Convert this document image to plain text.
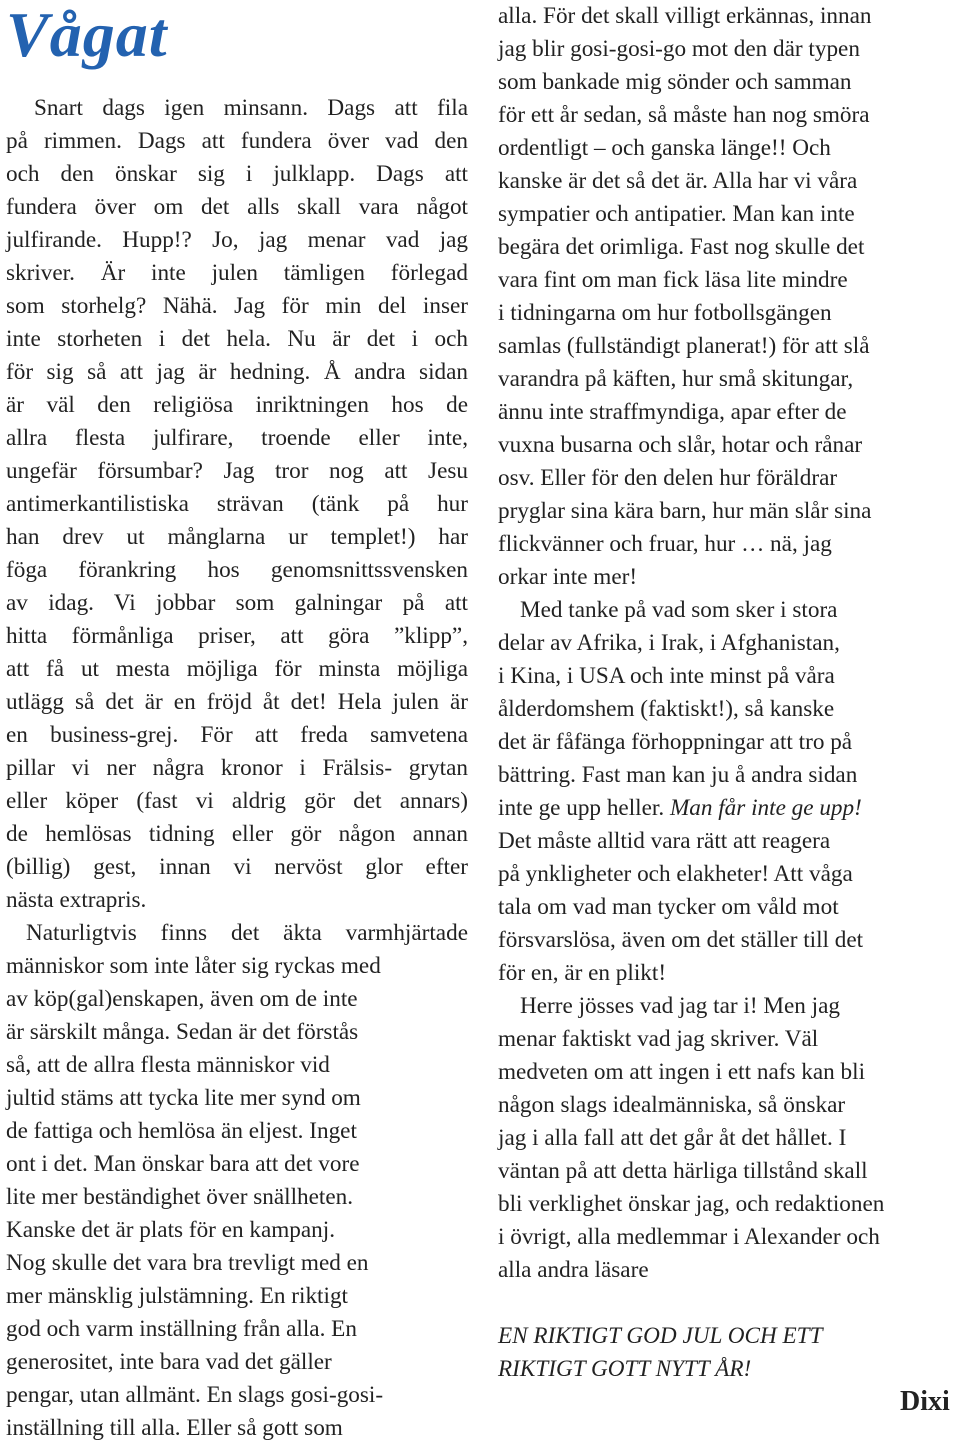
Vågat
Snart dags igen minsann. Dags att fila
på rimmen. Dags att fundera över vad den
och den önskar sig i julklapp. Dags att
fundera över om det alls skall vara något
julfirande. Hupp!? Jo, jag menar vad jag
skriver. Är inte julen tämligen förlegad
som storhelg? Nähä. Jag för min del inser
inte storheten i det hela. Nu är det i och
för sig så att jag är hedning. Å andra sidan
är väl den religiösa inriktningen hos de
allra flesta julfirare, troende eller inte,
ungefär försumbar? Jag tror nog att Jesu
antimerkantilistiska strävan (tänk på hur
han drev ut månglarna ur templet!) har
föga förankring hos genomsnittssvensken
av idag. Vi jobbar som galningar på att
hitta förmånliga priser, att göra ”klipp”,
att få ut mesta möjliga för minsta möjliga
utlägg så det är en fröjd åt det! Hela julen är
en business-grej. För att freda samvetena
pillar vi ner några kronor i Frälsis- grytan
eller köper (fast vi aldrig gör det annars)
de hemlösas tidning eller gör någon annan
(billig) gest, innan vi nervöst glor efter
nästa extrapris.
Naturligtvis finns det äkta varmhjärtade
människor som inte låter sig ryckas med
av köp(gal)enskapen, även om de inte
är särskilt många. Sedan är det förstås
så, att de allra flesta människor vid
jultid stäms att tycka lite mer synd om
de fattiga och hemlösa än eljest. Inget
ont i det. Man önskar bara att det vore
lite mer beständighet över snällheten.
Kanske det är plats för en kampanj.
Nog skulle det vara bra trevligt med en
mer mänsklig julstämning. En riktigt
god och varm inställning från alla. En
generositet, inte bara vad det gäller
pengar, utan allmänt. En slags gosi-gosi-
inställning till alla. Eller så gott som
alla. För det skall villigt erkännas, innan
jag blir gosi-gosi-go mot den där typen
som bankade mig sönder och samman
för ett år sedan, så måste han nog smöra
ordentligt – och ganska länge!! Och
kanske är det så det är. Alla har vi våra
sympatier och antipatier. Man kan inte
begära det orimliga. Fast nog skulle det
vara fint om man fick läsa lite mindre
i tidningarna om hur fotbollsgängen
samlas (fullständigt planerat!) för att slå
varandra på käften, hur små skitungar,
ännu inte straffmyndiga, apar efter de
vuxna busarna och slår, hotar och rånar
osv. Eller för den delen hur föräldrar
pryglar sina kära barn, hur män slår sina
flickvänner och fruar, hur … nä, jag
orkar inte mer!
Med tanke på vad som sker i stora
delar av Afrika, i Irak, i Afghanistan,
i Kina, i USA och inte minst på våra
ålderdomshem (faktiskt!), så kanske
det är fåfänga förhoppningar att tro på
bättring. Fast man kan ju å andra sidan
inte ge upp heller. Man får inte ge upp!
Det måste alltid vara rätt att reagera
på ynkligheter och elakheter! Att våga
tala om vad man tycker om våld mot
försvarslösa, även om det ställer till det
för en, är en plikt!
Herre jösses vad jag tar i! Men jag
menar faktiskt vad jag skriver. Väl
medveten om att ingen i ett nafs kan bli
någon slags idealmänniska, så önskar
jag i alla fall att det går åt det hållet. I
väntan på att detta härliga tillstånd skall
bli verklighet önskar jag, och redaktionen
i övrigt, alla medlemmar i Alexander och
alla andra läsare
EN RIKTIGT GOD JUL OCH ETT
RIKTIGT GOTT NYTT ÅR!
Dixi
